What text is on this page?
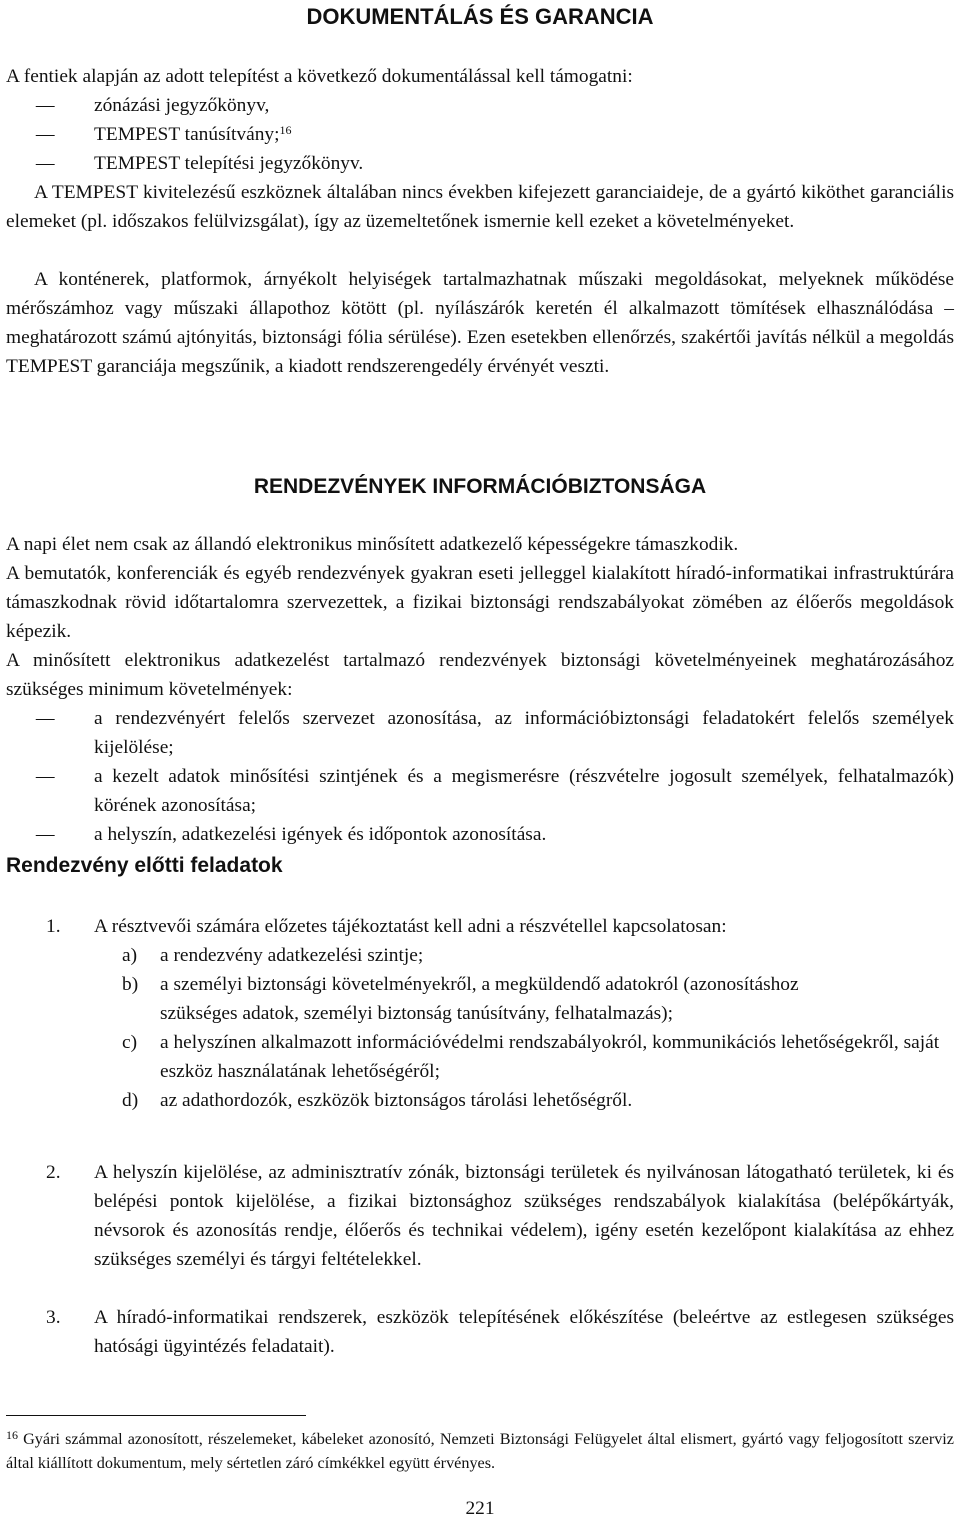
DOKUMENTÁLÁS ÉS GARANCIA
A fentiek alapján az adott telepítést a következő dokumentálással kell támogatni:
– zónázási jegyzőkönyv,
– TEMPEST tanúsítvány;$^{16}$
– TEMPEST telepítési jegyzőkönyv.
A TEMPEST kivitelezésű eszköznek általában nincs években kifejezett garanciaideje, de a gyártó kiköthet garanciális elemeket (pl. időszakos felülvizsgálat), így az üzemeltetőnek ismernie kell ezeket a követelményeket.
A konténerek, platformok, árnyékolt helyiségek tartalmazhatnak műszaki megoldásokat, melyeknek működése mérőszámhoz vagy műszaki állapothoz kötött (pl. nyílászárók keretén él alkalmazott tömítések elhasználódása – meghatározott számú ajtónyitás, biztonsági fólia sérülése). Ezen esetekben ellenőrzés, szakértői javítás nélkül a megoldás TEMPEST garanciája megszűnik, a kiadott rendszerengedély érvényét veszti.
RENDEZVÉNYEK INFORMÁCIÓBIZTONSÁGA
A napi élet nem csak az állandó elektronikus minősített adatkezelő képességekre támaszkodik.
A bemutatók, konferenciák és egyéb rendezvények gyakran eseti jelleggel kialakított híradó-informatikai infrastruktúrára támaszkodnak rövid időtartalomra szervezettek, a fizikai biztonsági rendszabályokat zömében az élőerős megoldások képezik.
A minősített elektronikus adatkezelést tartalmazó rendezvények biztonsági követelményeinek meghatározásához szükséges minimum követelmények:
– a rendezvényért felelős szervezet azonosítása, az információbiztonsági feladatokért felelős személyek kijelölése;
– a kezelt adatok minősítési szintjének és a megismerésre (részvételre jogosult személyek, felhatalmazók) körének azonosítása;
– a helyszín, adatkezelési igények és időpontok azonosítása.
Rendezvény előtti feladatok
1. A résztvevői számára előzetes tájékoztatást kell adni a részvétellel kapcsolatosan:
a) a rendezvény adatkezelési szintje;
b) a személyi biztonsági követelményekről, a megküldendő adatokról (azonosításhoz szükséges adatok, személyi biztonság tanúsítvány, felhatalmazás);
c) a helyszínen alkalmazott információvédelmi rendszabályokról, kommunikációs lehetőségekről, saját eszköz használatának lehetőségéről;
d) az adathordozók, eszközök biztonságos tárolási lehetőségről.
2. A helyszín kijelölése, az adminisztratív zónák, biztonsági területek és nyilvánosan látogatható területek, ki és belépési pontok kijelölése, a fizikai biztonsághoz szükséges rendszabályok kialakítása (belépőkártyák, névsorok és azonosítás rendje, élőerős és technikai védelem), igény esetén kezelőpont kialakítása az ehhez szükséges személyi és tárgyi feltételekkel.
3. A híradó-informatikai rendszerek, eszközök telepítésének előkészítése (beleértve az estlegesen szükséges hatósági ügyintézés feladatait).
$^{16}$ Gyári számmal azonosított, részelemeket, kábeleket azonosító, Nemzeti Biztonsági Felügyelet által elismert, gyártó vagy feljogosított szerviz által kiállított dokumentum, mely sértetlen záró címkékkel együtt érvényes.
221
